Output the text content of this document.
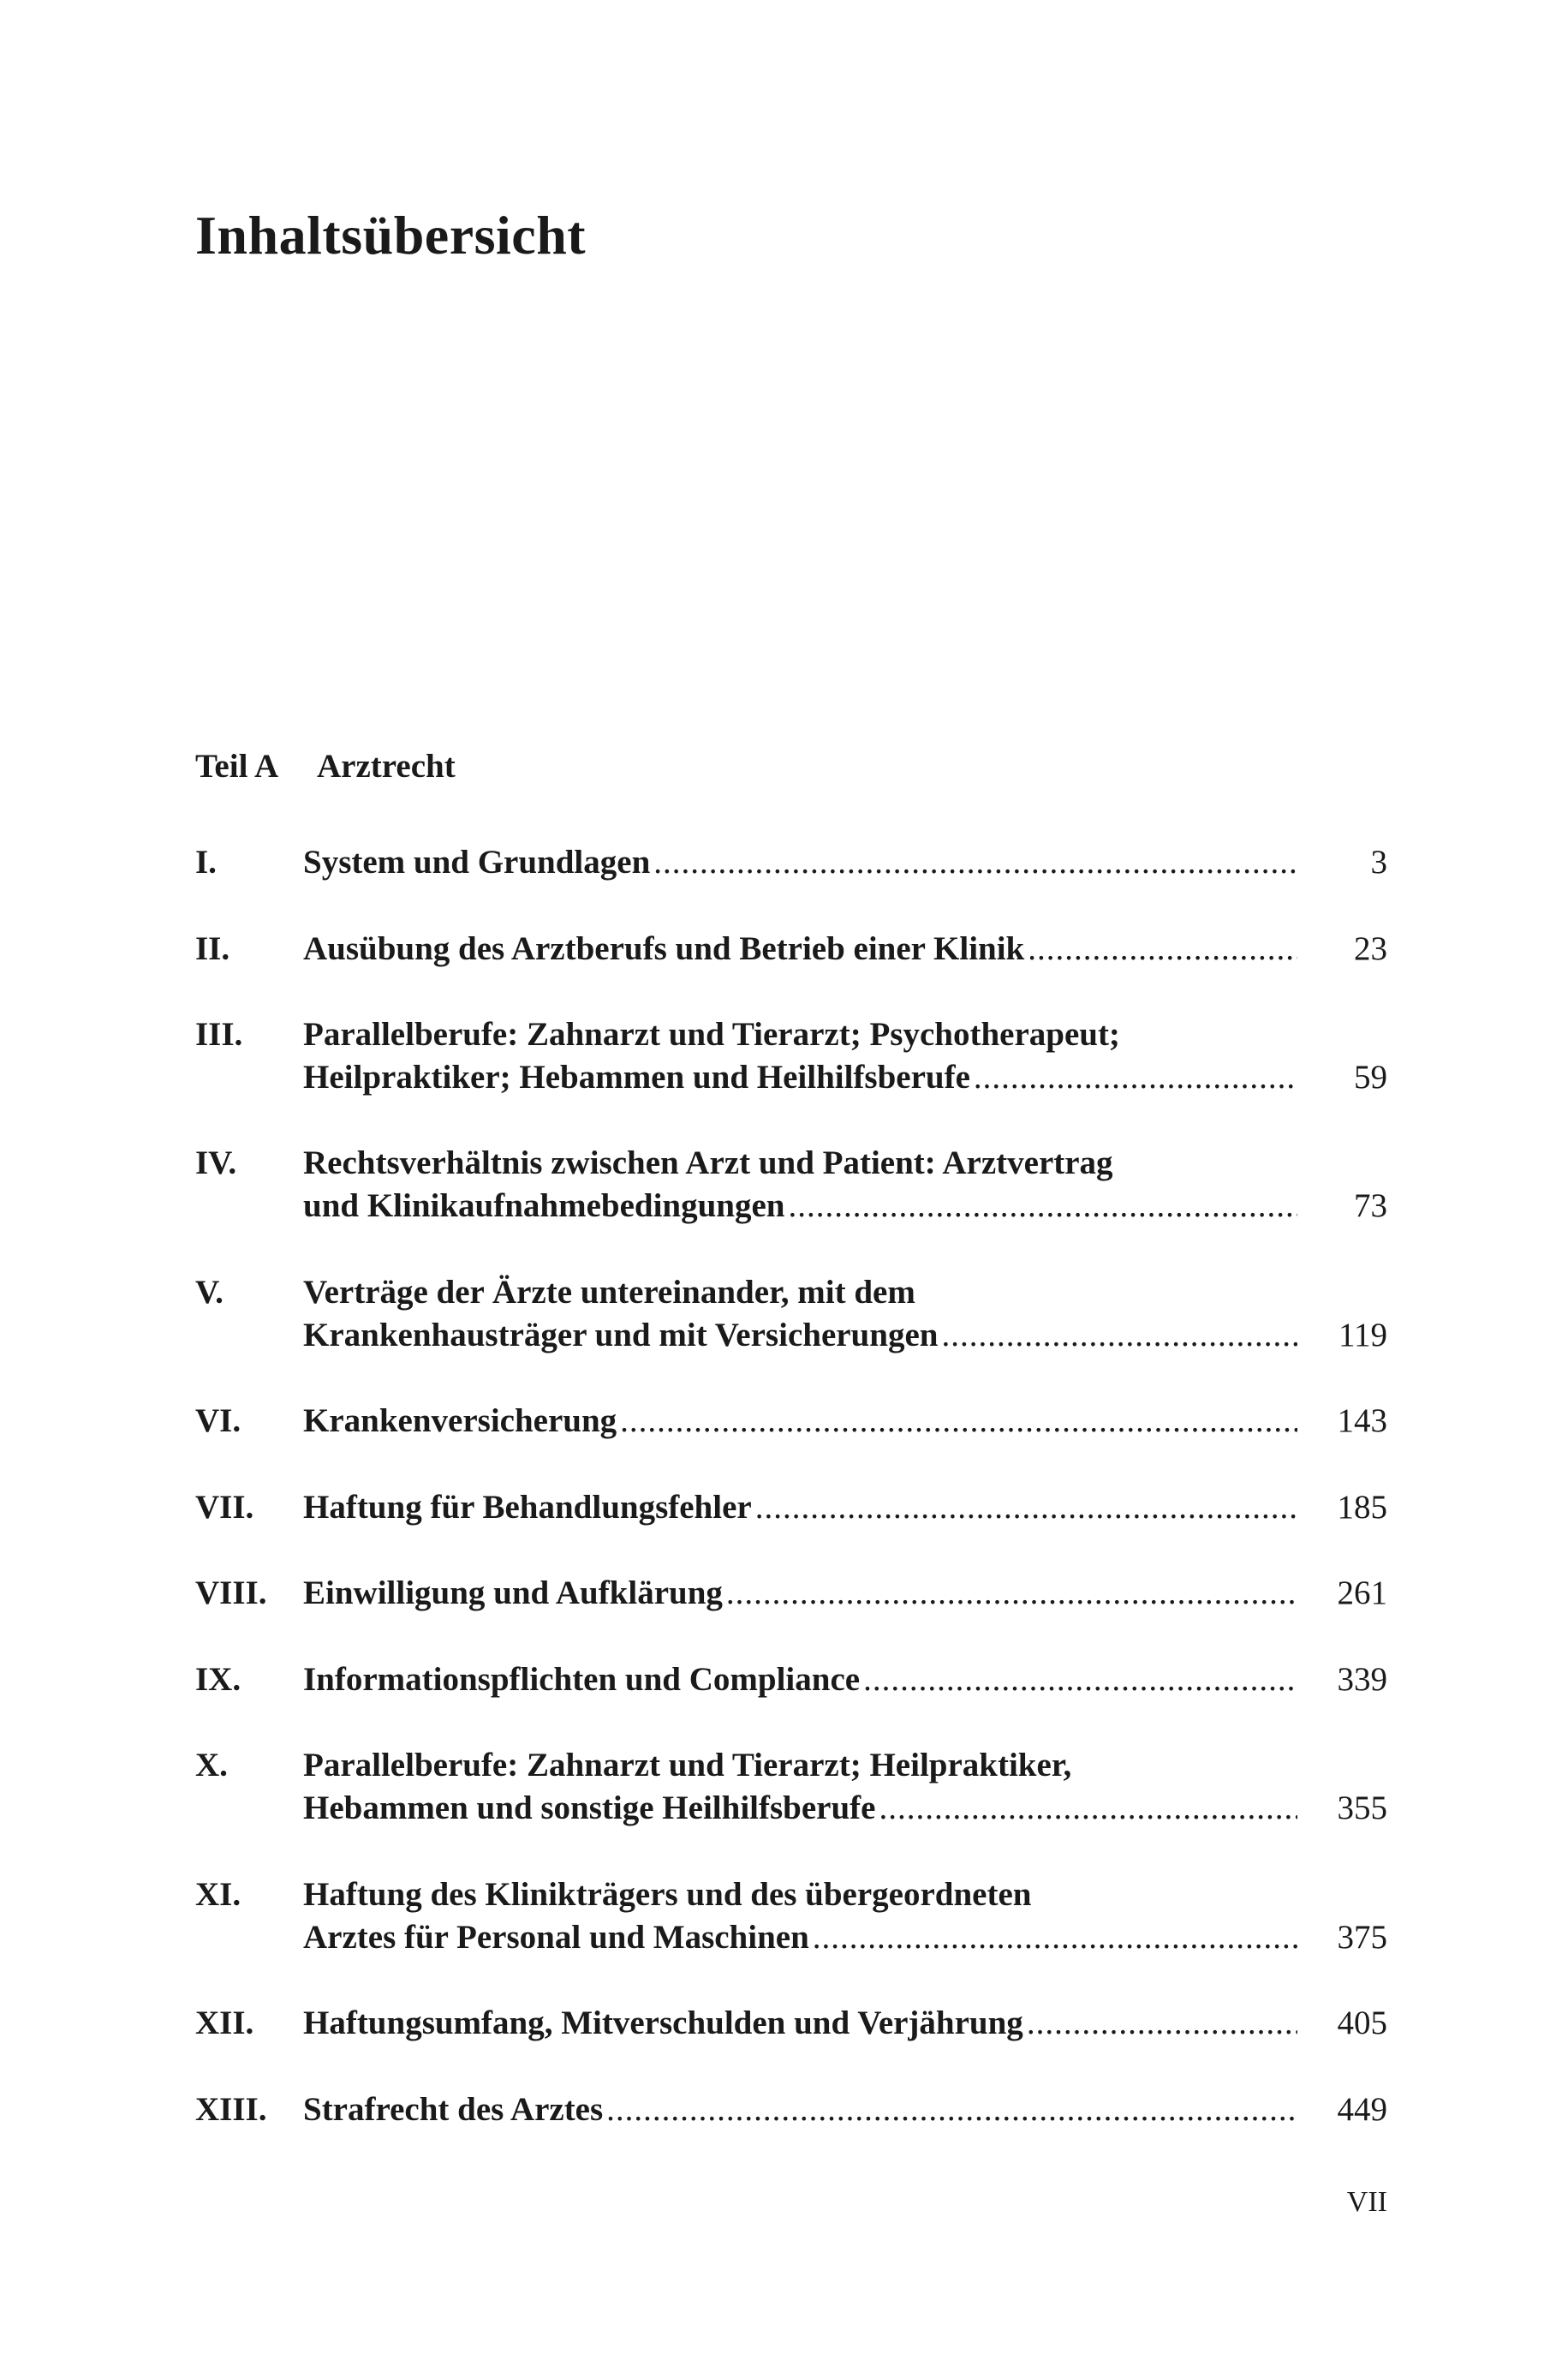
Inhaltsübersicht
Teil A Arztrecht
I.	System und Grundlagen .....	3
II. Ausübung des Arztberufs und Betrieb einer Klinik .....	23
III. Parallelberufe: Zahnarzt und Tierarzt; Psychotherapeut;
Heilpraktiker; Hebammen und Heilhilfsberufe .....	59
IV. Rechtsverhältnis zwischen Arzt und Patient: Arztvertrag
und Klinikaufnahmebedingungen .....	73
V. Verträge der Ärzte untereinander, mit dem
Krankenhausträger und mit Versicherungen .....	119
VI. Krankenversicherung .....	143
VII. Haftung für Behandlungsfehler .....	185
VIII. Einwilligung und Aufklärung .....	261
IX. Informationspflichten und Compliance .....	339
X. Parallelberufe: Zahnarzt und Tierarzt; Heilpraktiker,
Hebammen und sonstige Heilhilfsberufe .....	355
XI. Haftung des Klinikträgers und des übergeordneten
Arztes für Personal und Maschinen .....	375
XII. Haftungsumfang, Mitverschulden und Verjährung .....	405
XIII. Strafrecht des Arztes .....	449
VII
